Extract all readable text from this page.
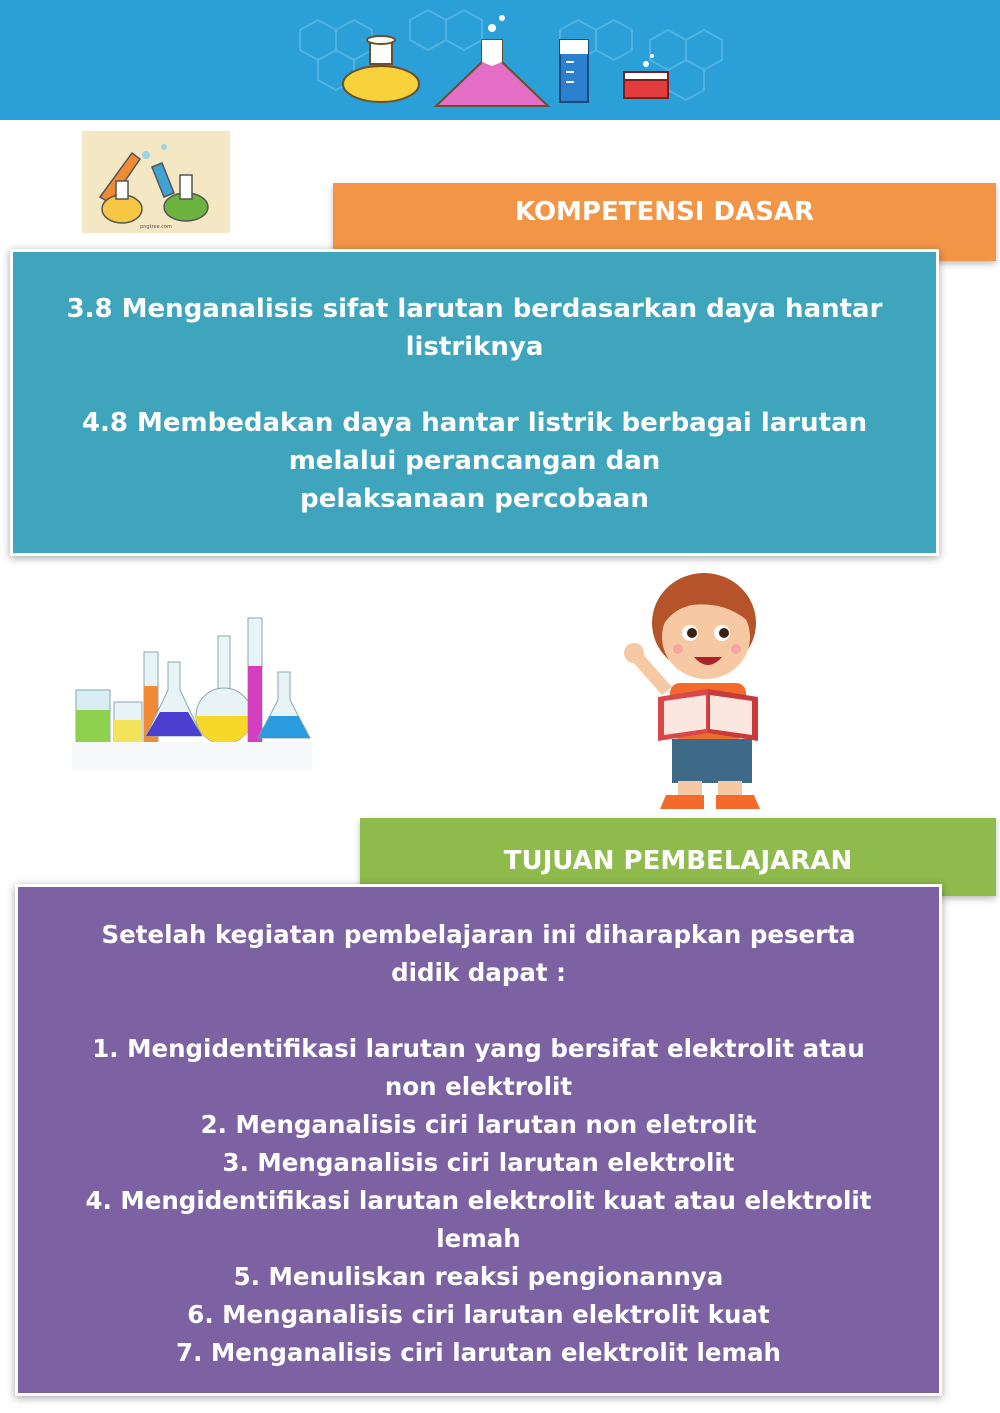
pngtree.com	KOMPETENSI DASAR

3.8 Menganalisis sifat larutan berdasarkan daya hantar

listriknya

4.8 Membedakan daya hantar listrik berbagai larutan

melalui perancangan dan

pelaksanaan percobaan

TUJUAN PEMBELAJARAN

Setelah kegiatan pembelajaran ini diharapkan peserta

didik dapat :

1. Mengidentifikasi larutan yang bersifat elektrolit atau

non elektrolit

2. Menganalisis ciri larutan non eletrolit

3. Menganalisis ciri larutan elektrolit

4. Mengidentifikasi larutan elektrolit kuat atau elektrolit

lemah

5. Menuliskan reaksi pengionannya

6. Menganalisis ciri larutan elektrolit kuat

7. Menganalisis ciri larutan elektrolit lemah
